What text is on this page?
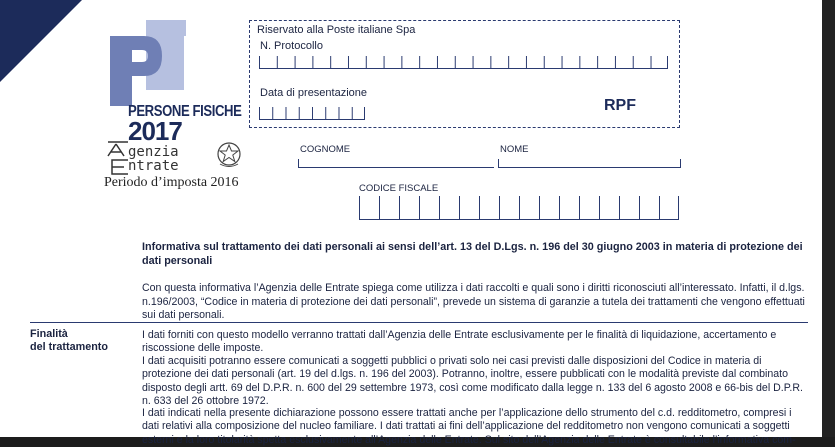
PERSONE FISICHE
2017
genzia
ntrate
Periodo d’imposta 2016
Riservato alla Poste italiane Spa
N. Protocollo
Data di presentazione
RPF
COGNOME	NOME
CODICE FISCALE
Informativa sul trattamento dei dati personali ai sensi dell’art. 13 del D.Lgs. n. 196 del 30 giugno 2003 in materia di protezione dei dati personali
Con questa informativa l’Agenzia delle Entrate spiega come utilizza i dati raccolti e quali sono i diritti riconosciuti all’interessato. Infatti, il d.lgs. n.196/2003, “Codice in materia di protezione dei dati personali”, prevede un sistema di garanzie a tutela dei trattamenti che vengono effettuati sui dati personali.
Finalità
del trattamento
I dati forniti con questo modello verranno trattati dall’Agenzia delle Entrate esclusivamente per le finalità di liquidazione, accertamento e riscossione delle imposte.
I dati acquisiti potranno essere comunicati a soggetti pubblici o privati solo nei casi previsti dalle disposizioni del Codice in materia di protezione dei dati personali (art. 19 del d.lgs. n. 196 del 2003). Potranno, inoltre, essere pubblicati con le modalità previste dal combinato disposto degli artt. 69 del D.P.R. n. 600 del 29 settembre 1973, così come modificato dalla legge n. 133 del 6 agosto 2008 e 66-bis del D.P.R. n. 633 del 26 ottobre 1972.
I dati indicati nella presente dichiarazione possono essere trattati anche per l’applicazione dello strumento del c.d. redditometro, compresi i dati relativi alla composizione del nucleo familiare. I dati trattati ai fini dell’applicazione del redditometro non vengono comunicati a soggetti esterni e la loro titolarità spetta esclusivamente all’Agenzia delle Entrate. Sul sito dell’Agenzia delle Entrate è consultabile l’informativa com-
